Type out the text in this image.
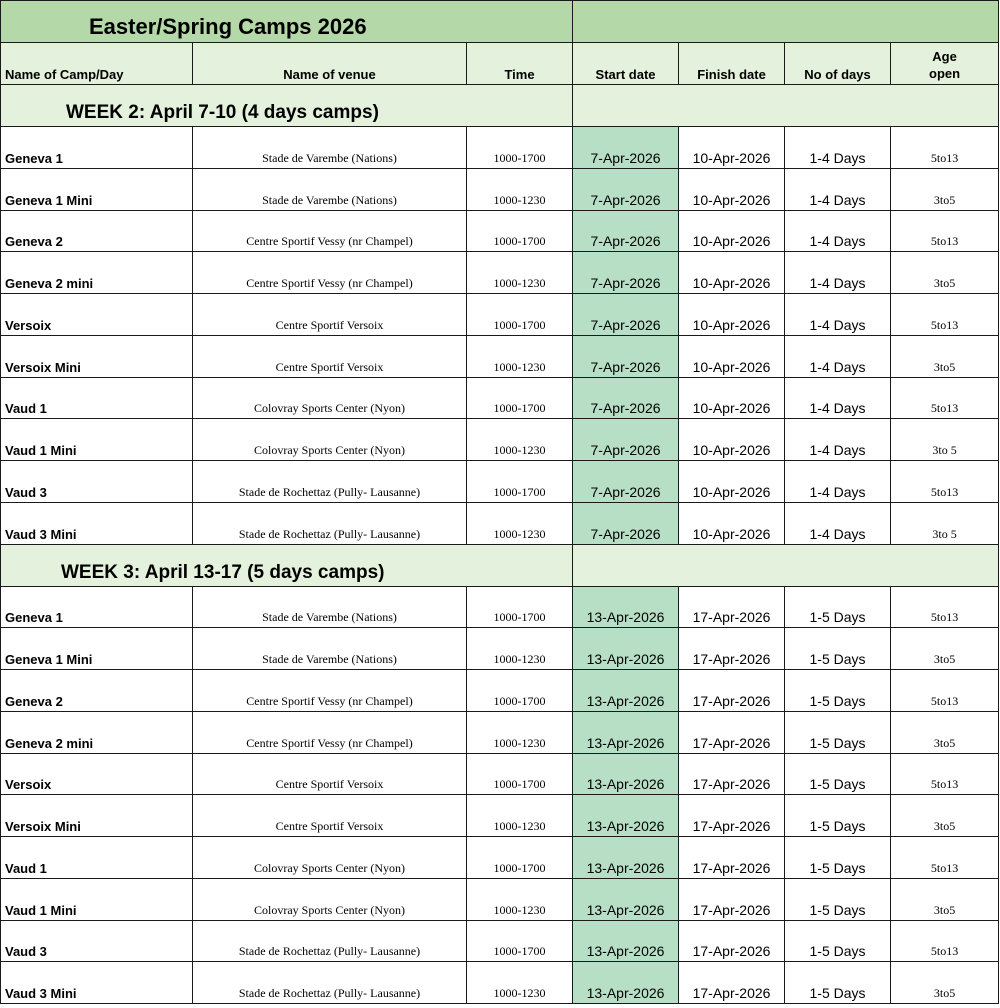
Easter/Spring Camps 2026						

Name of Camp/Day	Name of venue	Time	Start date	Finish date	No of days	Age
open

WEEK 2: April 7-10 (4 days camps)						

Geneva 1	Stade de Varembe (Nations)	1000-1700	7-Apr-2026	10-Apr-2026	1-4 Days	5to13
Geneva 1 Mini	Stade de Varembe (Nations)	1000-1230	7-Apr-2026	10-Apr-2026	1-4 Days	3to5
Geneva 2	Centre Sportif Vessy (nr Champel)	1000-1700	7-Apr-2026	10-Apr-2026	1-4 Days	5to13
Geneva 2 mini	Centre Sportif Vessy (nr Champel)	1000-1230	7-Apr-2026	10-Apr-2026	1-4 Days	3to5
Versoix	Centre Sportif Versoix	1000-1700	7-Apr-2026	10-Apr-2026	1-4 Days	5to13
Versoix Mini	Centre Sportif Versoix	1000-1230	7-Apr-2026	10-Apr-2026	1-4 Days	3to5
Vaud 1	Colovray Sports Center (Nyon)	1000-1700	7-Apr-2026	10-Apr-2026	1-4 Days	5to13
Vaud 1 Mini	Colovray Sports Center (Nyon)	1000-1230	7-Apr-2026	10-Apr-2026	1-4 Days	3to 5
Vaud 3	Stade de Rochettaz (Pully- Lausanne)	1000-1700	7-Apr-2026	10-Apr-2026	1-4 Days	5to13
Vaud 3 Mini	Stade de Rochettaz (Pully- Lausanne)	1000-1230	7-Apr-2026	10-Apr-2026	1-4 Days	3to 5

WEEK 3: April 13-17 (5 days camps)						

Geneva 1	Stade de Varembe (Nations)	1000-1700	13-Apr-2026	17-Apr-2026	1-5 Days	5to13
Geneva 1 Mini	Stade de Varembe (Nations)	1000-1230	13-Apr-2026	17-Apr-2026	1-5 Days	3to5
Geneva 2	Centre Sportif Vessy (nr Champel)	1000-1700	13-Apr-2026	17-Apr-2026	1-5 Days	5to13
Geneva 2 mini	Centre Sportif Vessy (nr Champel)	1000-1230	13-Apr-2026	17-Apr-2026	1-5 Days	3to5
Versoix	Centre Sportif Versoix	1000-1700	13-Apr-2026	17-Apr-2026	1-5 Days	5to13
Versoix Mini	Centre Sportif Versoix	1000-1230	13-Apr-2026	17-Apr-2026	1-5 Days	3to5
Vaud 1	Colovray Sports Center (Nyon)	1000-1700	13-Apr-2026	17-Apr-2026	1-5 Days	5to13
Vaud 1 Mini	Colovray Sports Center (Nyon)	1000-1230	13-Apr-2026	17-Apr-2026	1-5 Days	3to5
Vaud 3	Stade de Rochettaz (Pully- Lausanne)	1000-1700	13-Apr-2026	17-Apr-2026	1-5 Days	5to13
Vaud 3 Mini	Stade de Rochettaz (Pully- Lausanne)	1000-1230	13-Apr-2026	17-Apr-2026	1-5 Days	3to5
